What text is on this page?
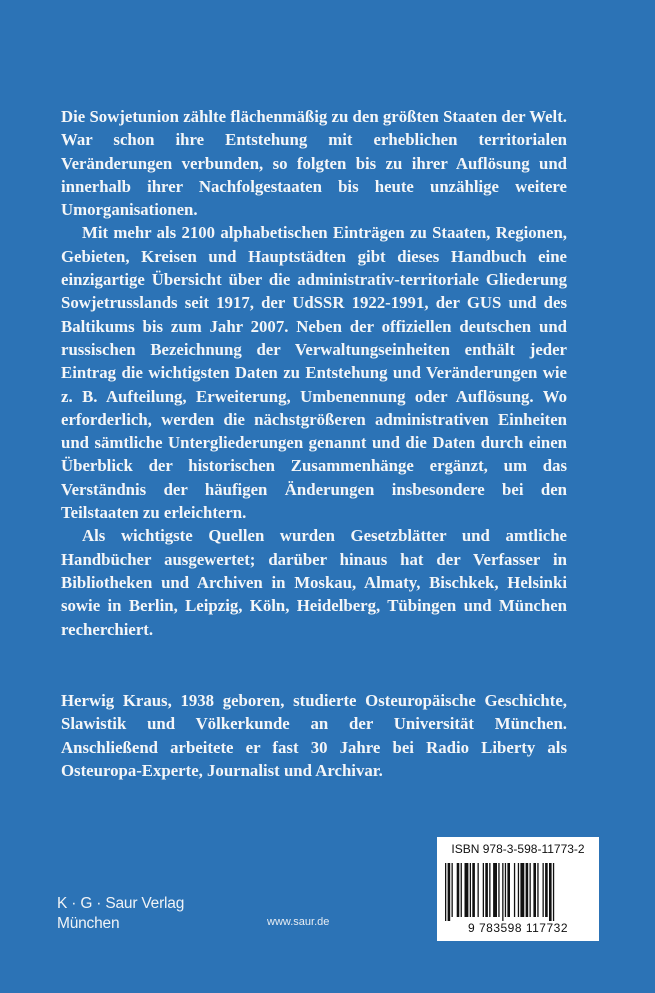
Die Sowjetunion zählte flächenmäßig zu den größten Staaten der Welt. War schon ihre Entstehung mit erheblichen territorialen Veränderungen verbunden, so folgten bis zu ihrer Auflösung und innerhalb ihrer Nachfolgestaaten bis heute unzählige weitere Umorganisationen.

Mit mehr als 2100 alphabetischen Einträgen zu Staaten, Regionen, Gebieten, Kreisen und Hauptstädten gibt dieses Handbuch eine einzigartige Übersicht über die administrativ-territoriale Gliederung Sowjetrusslands seit 1917, der UdSSR 1922-1991, der GUS und des Baltikums bis zum Jahr 2007. Neben der offiziellen deutschen und russischen Bezeichnung der Verwaltungseinheiten enthält jeder Eintrag die wichtigsten Daten zu Entstehung und Veränderungen wie z. B. Aufteilung, Erweiterung, Umbenennung oder Auflösung. Wo erforderlich, werden die nächstgrößeren administrativen Einheiten und sämtliche Untergliederungen genannt und die Daten durch einen Überblick der historischen Zusammenhänge ergänzt, um das Verständnis der häufigen Änderungen insbesondere bei den Teilstaaten zu erleichtern.

Als wichtigste Quellen wurden Gesetzblätter und amtliche Handbücher ausgewertet; darüber hinaus hat der Verfasser in Bibliotheken und Archiven in Moskau, Almaty, Bischkek, Helsinki sowie in Berlin, Leipzig, Köln, Heidelberg, Tübingen und München recherchiert.

Herwig Kraus, 1938 geboren, studierte Osteuropäische Geschichte, Slawistik und Völkerkunde an der Universität München. Anschließend arbeitete er fast 30 Jahre bei Radio Liberty als Osteuropa-Experte, Journalist und Archivar.

K · G · Saur Verlag
München	www.saur.de
ISBN 978-3-598-11773-2
9 783598 117732
